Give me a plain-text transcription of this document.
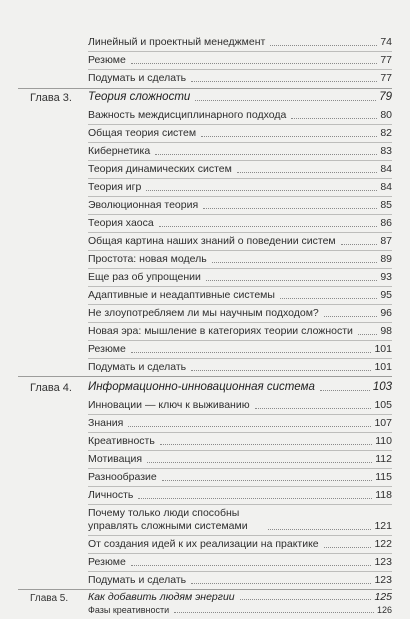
Линейный и проектный менеджмент	74
Резюме	77
Подумать и сделать	77
Глава 3. Теория сложности	79
Важность междисциплинарного подхода	80
Общая теория систем	82
Кибернетика	83
Теория динамических систем	84
Теория игр	84
Эволюционная теория	85
Теория хаоса	86
Общая картина наших знаний о поведении систем	87
Простота: новая модель	89
Еще раз об упрощении	93
Адаптивные и неадаптивные системы	95
Не злоупотребляем ли мы научным подходом?	96
Новая эра: мышление в категориях теории сложности	98
Резюме	101
Подумать и сделать	101
Глава 4. Информационно-инновационная система	103
Инновации — ключ к выживанию	105
Знания	107
Креативность	110
Мотивация	112
Разнообразие	115
Личность	118
Почему только люди способны управлять сложными системами	121
От создания идей к их реализации на практике	122
Резюме	123
Подумать и сделать	123
Глава 5. Как добавить людям энергии	125
Фазы креативности	126
